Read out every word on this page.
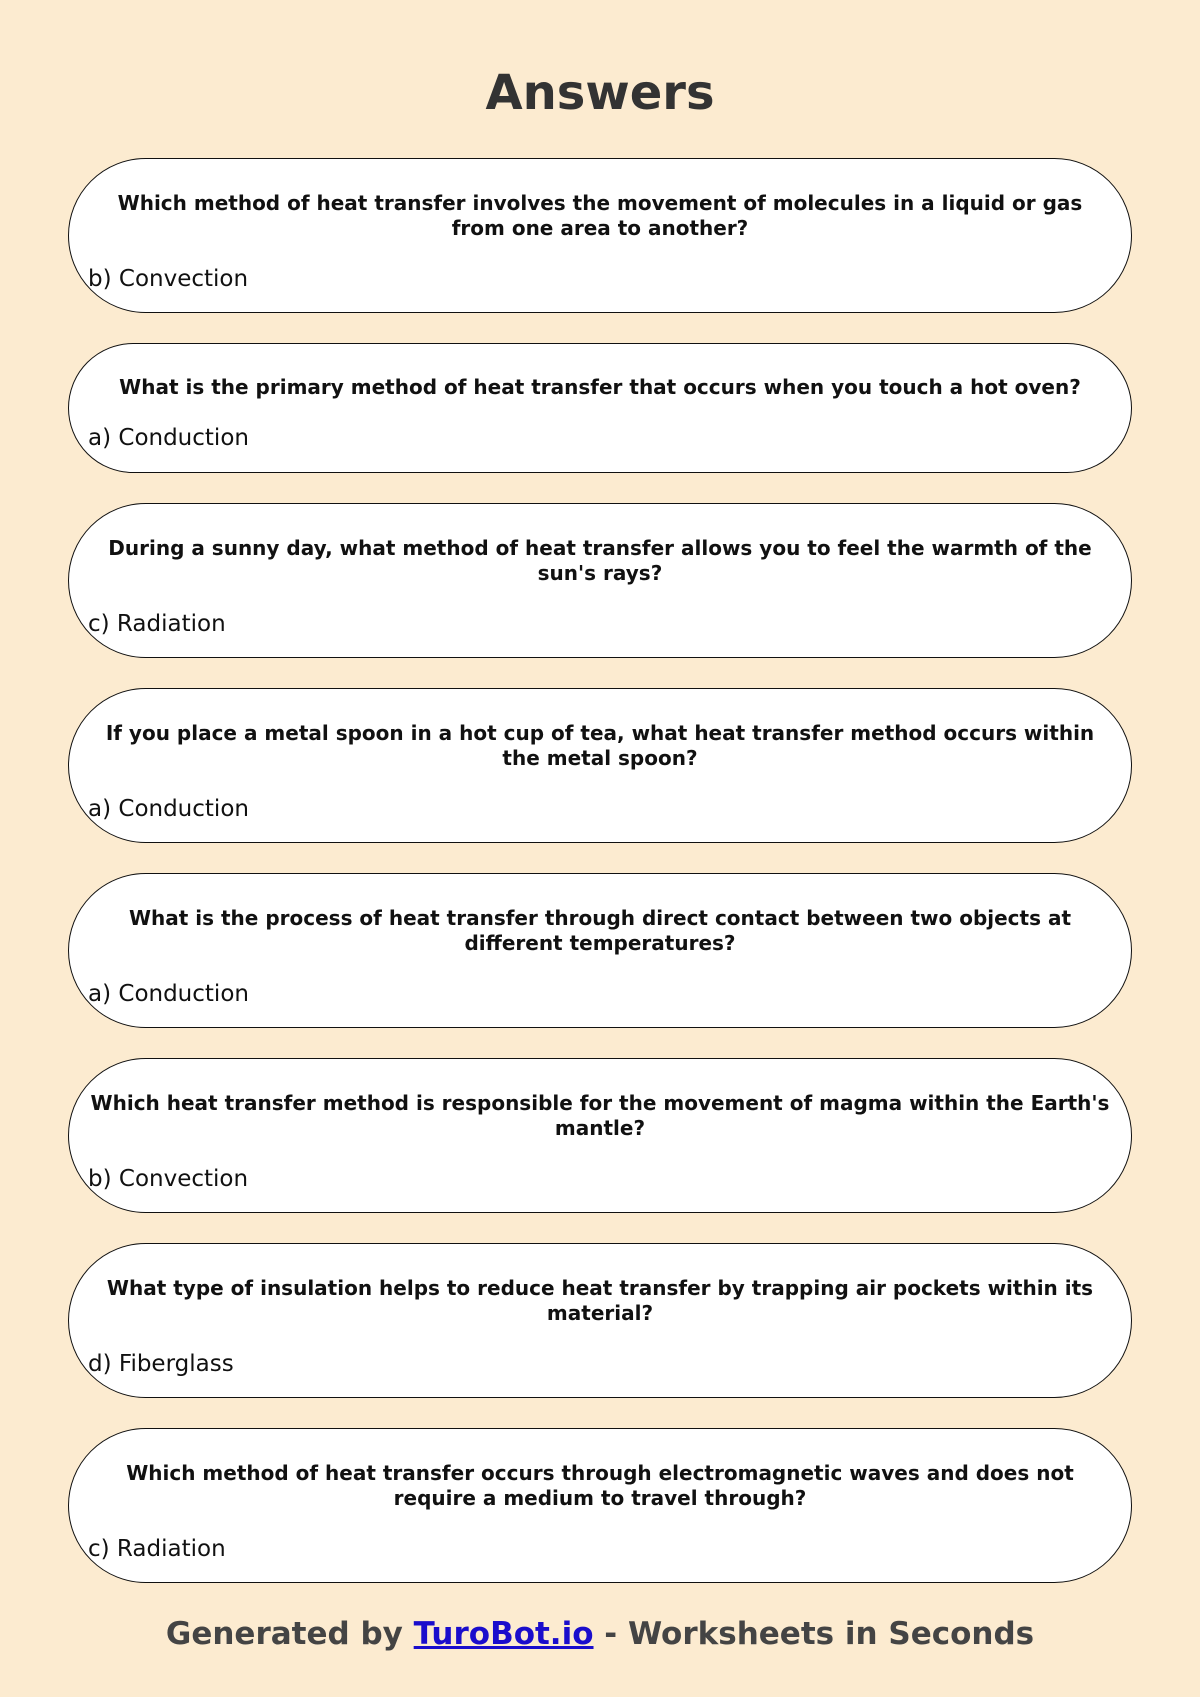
Answers
Which method of heat transfer involves the movement of molecules in a liquid or gas from one area to another?
b) Convection
What is the primary method of heat transfer that occurs when you touch a hot oven?
a) Conduction
During a sunny day, what method of heat transfer allows you to feel the warmth of the sun's rays?
c) Radiation
If you place a metal spoon in a hot cup of tea, what heat transfer method occurs within the metal spoon?
a) Conduction
What is the process of heat transfer through direct contact between two objects at different temperatures?
a) Conduction
Which heat transfer method is responsible for the movement of magma within the Earth's mantle?
b) Convection
What type of insulation helps to reduce heat transfer by trapping air pockets within its material?
d) Fiberglass
Which method of heat transfer occurs through electromagnetic waves and does not require a medium to travel through?
c) Radiation
Generated by TuroBot.io - Worksheets in Seconds
